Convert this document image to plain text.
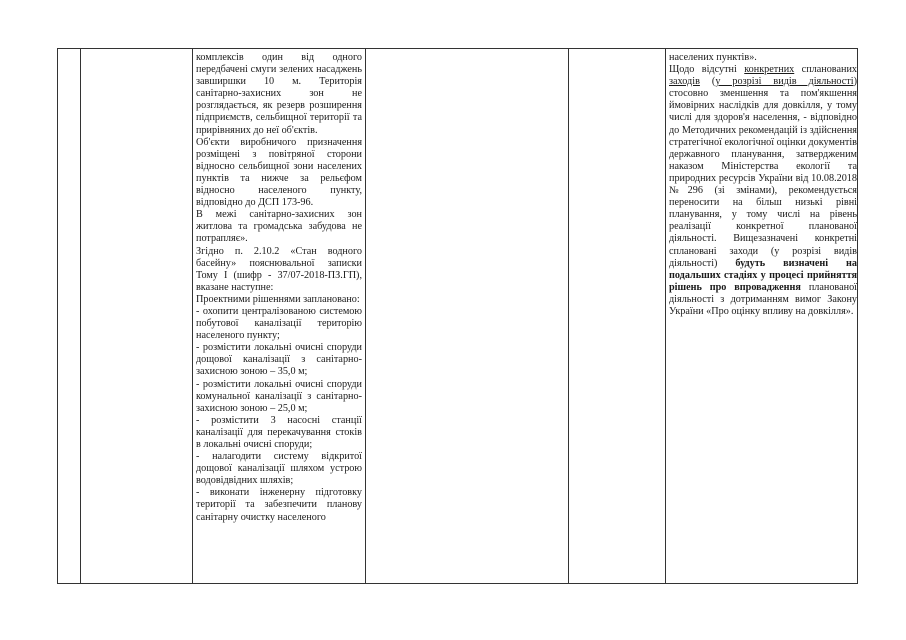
комплексів один від одного передбачені смуги зелених насаджень завширшки 10 м. Територія санітарно-захисних зон не розглядається, як резерв розширення підприємств, сельбищної території та прирівняних до неї об'єктів.

Об'єкти виробничого призначення розміщені з повітряної сторони відносно сельбищної зони населених пунктів та нижче за рельєфом відносно населеного пункту, відповідно до ДСП 173-96.

В межі санітарно-захисних зон житлова та громадська забудова не потрапляє».

Згідно п. 2.10.2 «Стан водного басейну» пояснювальної записки Тому I (шифр - 37/07-2018-ПЗ.ГП), вказане наступне:

Проектними рішеннями заплановано:

- охопити централізованою системою побутової каналізації територію населеного пункту;

- розмістити локальні очисні споруди дощової каналізації з санітарно-захисною зоною – 35,0 м;

- розмістити локальні очисні споруди комунальної каналізації з санітарно-захисною зоною – 25,0 м;

- розмістити 3 насосні станції каналізації для перекачування стоків в локальні очисні споруди;

- налагодити систему відкритої дощової каналізації шляхом устрою водовідвідних шляхів;

- виконати інженерну підготовку території та забезпечити планову санітарну очистку населеного

населених пунктів».

Щодо відсутні конкретних спланованих заходів (у розрізі видів діяльності) стосовно зменшення та пом'якшення ймовірних наслідків для довкілля, у тому числі для здоров'я населення, - відповідно до Методичних рекомендацій із здійснення стратегічної екологічної оцінки документів державного планування, затвердженим наказом Міністерства екології та природних ресурсів України від 10.08.2018 №296 (зі змінами), рекомендується переносити на більш низькі рівні планування, у тому числі на рівень реалізації конкретної планованої діяльності. Вищезазначені конкретні сплановані заходи (у розрізі видів діяльності) будуть визначені на подальших стадіях у процесі прийняття рішень про впровадження планованої діяльності з дотриманням вимог Закону України «Про оцінку впливу на довкілля».
